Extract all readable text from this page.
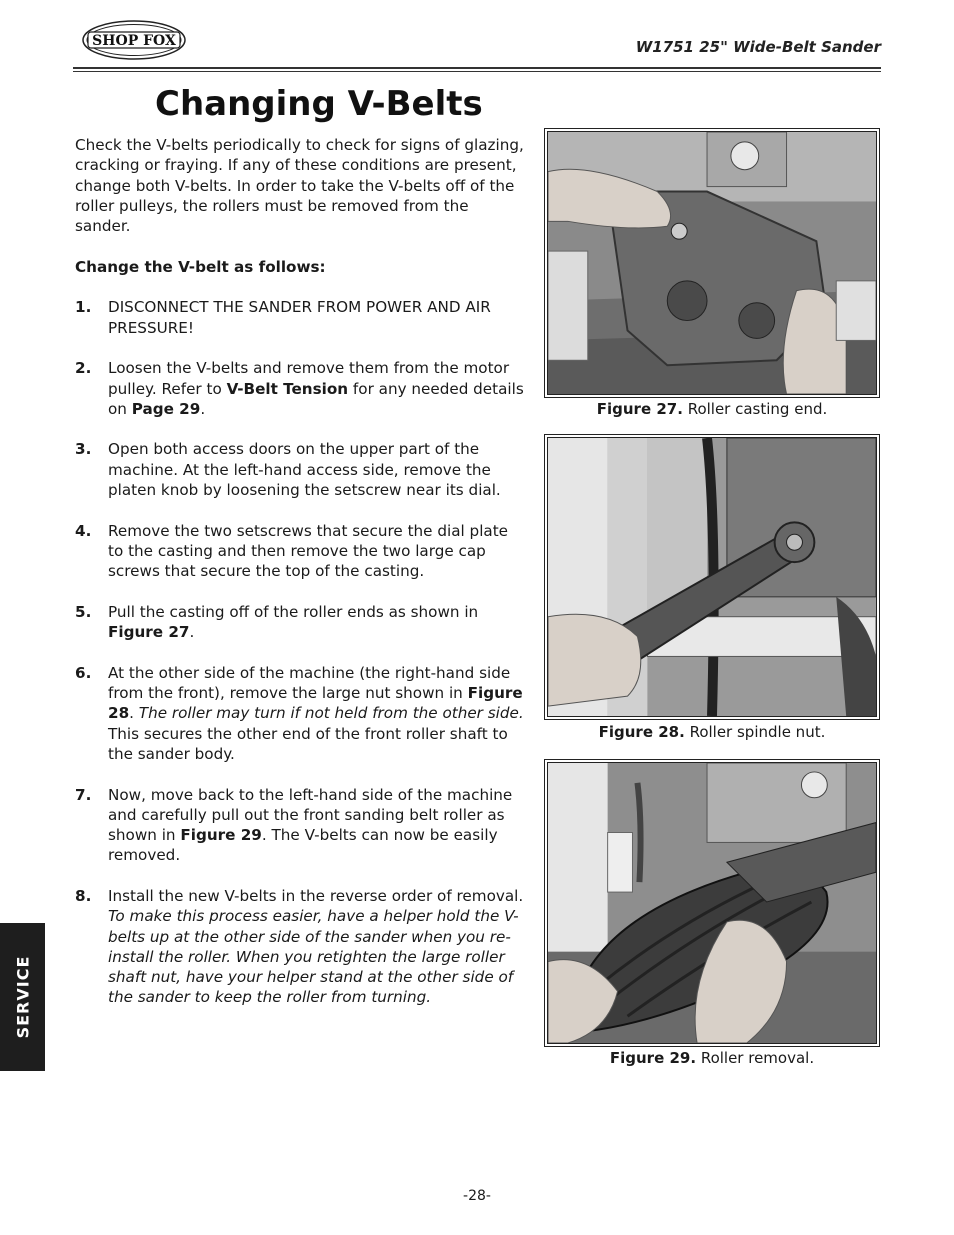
SHOP FOX	W1751 25" Wide-Belt Sander
Changing V-Belts

Check the V-belts periodically to check for signs of glazing, cracking or fraying. If any of these conditions are present, change both V-belts. In order to take the V-belts off of the roller pulleys, the rollers must be removed from the sander.

Change the V-belt as follows:

1.	DISCONNECT THE SANDER FROM POWER AND AIR PRESSURE!
2.	Loosen the V-belts and remove them from the motor pulley. Refer to V-Belt Tension for any needed details on Page 29.
3.	Open both access doors on the upper part of the machine. At the left-hand access side, remove the platen knob by loosening the setscrew near its dial.
4.	Remove the two setscrews that secure the dial plate to the casting and then remove the two large cap screws that secure the top of the casting.
5.	Pull the casting off of the roller ends as shown in Figure 27.
6.	At the other side of the machine (the right-hand side from the front), remove the large nut shown in Figure 28. The roller may turn if not held from the other side. This secures the other end of the front roller shaft to the sander body.
7.	Now, move back to the left-hand side of the machine and carefully pull out the front sanding belt roller as shown in Figure 29. The V-belts can now be easily removed.
8.	Install the new V-belts in the reverse order of removal. To make this process easier, have a helper hold the V-belts up at the other side of the sander when you re-install the roller. When you retighten the large roller shaft nut, have your helper stand at the other side of the sander to keep the roller from turning.
Figure 27. Roller casting end.
Figure 28. Roller spindle nut.
Figure 29. Roller removal.
SERVICE
-28-
